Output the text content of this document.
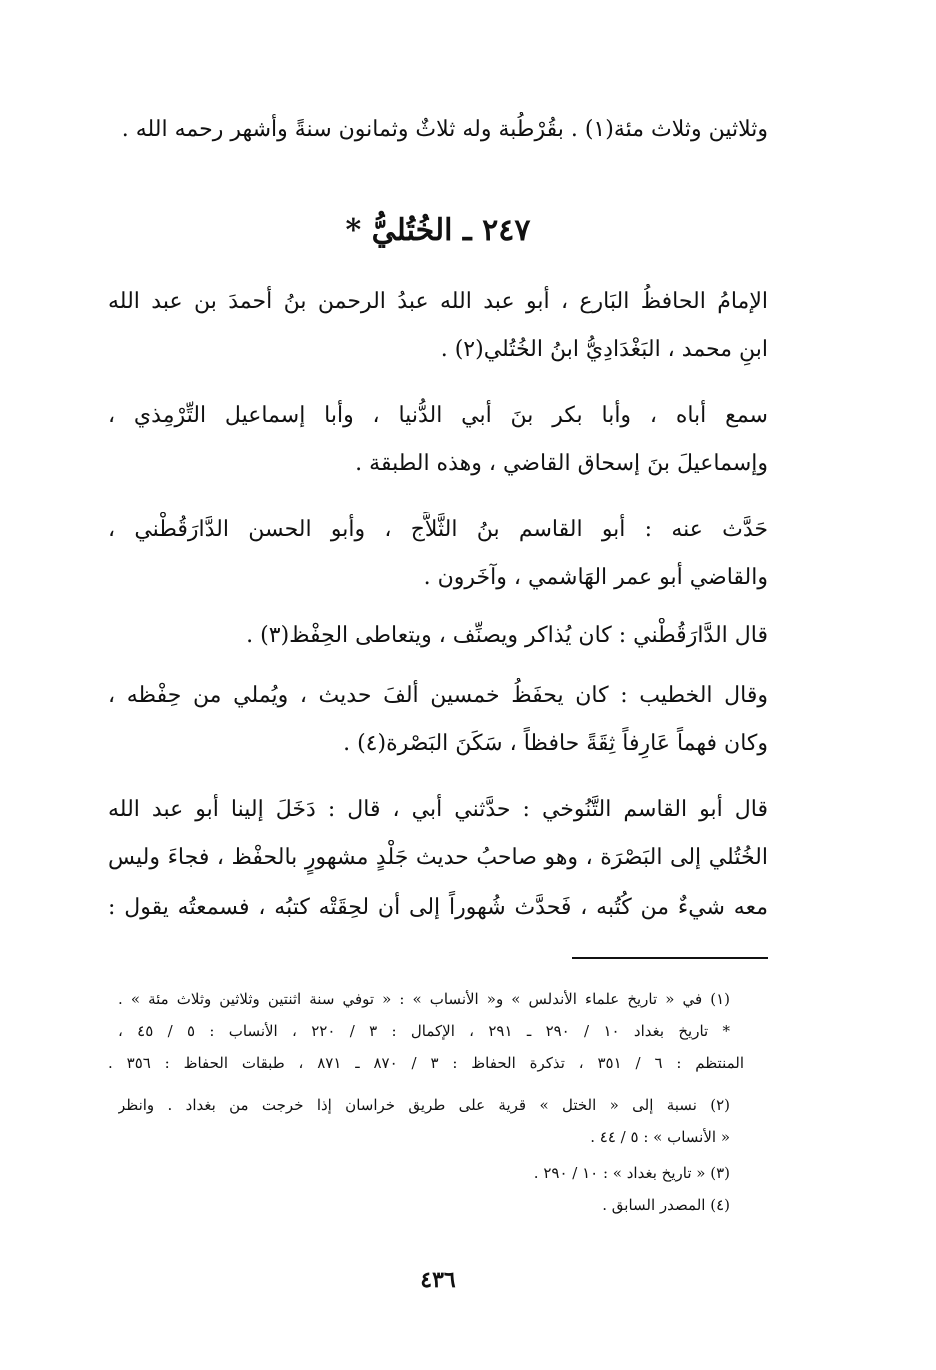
وثلاثين وثلاث مئة(١) . بقُرْطُبة وله ثلاثٌ وثمانون سنةً وأشهر رحمه الله .
٢٤٧ ـ الخُتُليُّ *
الإمامُ الحافظُ البَارع ، أبو عبد الله عبدُ الرحمن بنُ أحمدَ بن عبد الله
ابنِ محمد ، البَغْدَادِيُّ ابنُ الخُتُلي(٢) .
سمع أباه ، وأبا بكر بنَ أبي الدُّنيا ، وأبا إسماعيل التِّرْمِذي ،
وإسماعيلَ بنَ إسحاق القاضي ، وهذه الطبقة .
حَدَّث عنه : أبو القاسم بنُ الثَّلاَّج ، وأبو الحسن الدَّارَقُطْني ،
والقاضي أبو عمر الهَاشمي ، وآخَرون .
قال الدَّارَقُطْني : كان يُذاكر ويصنِّف ، ويتعاطى الحِفْظ(٣) .
وقال الخطيب : كان يحفَظُ خمسين ألفَ حديث ، ويُملي من حِفْظه ،
وكان فهماً عَارِفاً ثِقَةً حافظاً ، سَكَنَ البَصْرة(٤) .
قال أبو القاسم التَّنُوخي : حدَّثني أبي ، قال : دَخَلَ إلينا أبو عبد الله
الخُتُلي إلى البَصْرَة ، وهو صاحبُ حديث جَلْدٍ مشهورٍ بالحفْظ ، فجاءَ وليس
معه شيءٌ من كُتُبه ، فَحدَّث شُهوراً إلى أن لحِقَتْه كتبُه ، فسمعتُه يقول :
(١) في « تاريخ علماء الأندلس » و« الأنساب » : « توفي سنة اثنتين وثلاثين وثلاث مئة » .
* تاريخ بغداد ١٠ / ٢٩٠ ـ ٢٩١ ، الإكمال : ٣ / ٢٢٠ ، الأنساب : ٥ / ٤٥ ،
المنتظم : ٦ / ٣٥١ ، تذكرة الحفاظ : ٣ / ٨٧٠ ـ ٨٧١ ، طبقات الحفاظ : ٣٥٦ .
(٢) نسبة إلى « الختل » قرية على طريق خراسان إذا خرجت من بغداد . وانظر
« الأنساب » : ٥ / ٤٤ .
(٣) « تاريخ بغداد » : ١٠ / ٢٩٠ .
(٤) المصدر السابق .
٤٣٦
